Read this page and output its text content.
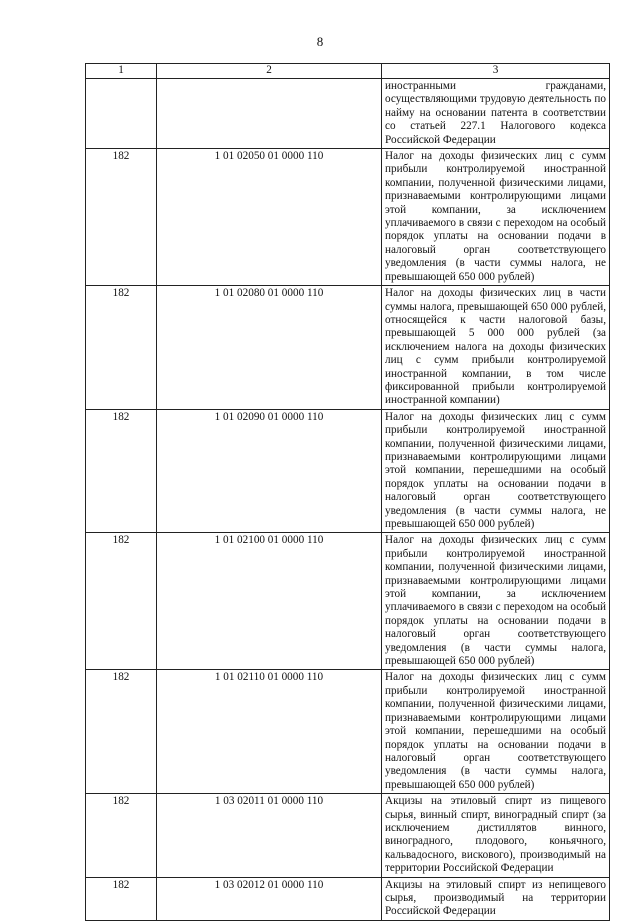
8
1	2	3
		иностранными гражданами, осуществляющими трудовую деятельность по найму на основании патента в соответствии со статьей 227.1 Налогового кодекса Российской Федерации
182	1 01 02050 01 0000 110	Налог на доходы физических лиц с сумм прибыли контролируемой иностранной компании, полученной физическими лицами, признаваемыми контролирующими лицами этой компании, за исключением уплачиваемого в связи с переходом на особый порядок уплаты на основании подачи в налоговый орган соответствующего уведомления (в части суммы налога, не превышающей 650 000 рублей)
182	1 01 02080 01 0000 110	Налог на доходы физических лиц в части суммы налога, превышающей 650 000 рублей, относящейся к части налоговой базы, превышающей 5 000 000 рублей (за исключением налога на доходы физических лиц с сумм прибыли контролируемой иностранной компании, в том числе фиксированной прибыли контролируемой иностранной компании)
182	1 01 02090 01 0000 110	Налог на доходы физических лиц с сумм прибыли контролируемой иностранной компании, полученной физическими лицами, признаваемыми контролирующими лицами этой компании, перешедшими на особый порядок уплаты на основании подачи в налоговый орган соответствующего уведомления (в части суммы налога, не превышающей 650 000 рублей)
182	1 01 02100 01 0000 110	Налог на доходы физических лиц с сумм прибыли контролируемой иностранной компании, полученной физическими лицами, признаваемыми контролирующими лицами этой компании, за исключением уплачиваемого в связи с переходом на особый порядок уплаты на основании подачи в налоговый орган соответствующего уведомления (в части суммы налога, превышающей 650 000 рублей)
182	1 01 02110 01 0000 110	Налог на доходы физических лиц с сумм прибыли контролируемой иностранной компании, полученной физическими лицами, признаваемыми контролирующими лицами этой компании, перешедшими на особый порядок уплаты на основании подачи в налоговый орган соответствующего уведомления (в части суммы налога, превышающей 650 000 рублей)
182	1 03 02011 01 0000 110	Акцизы на этиловый спирт из пищевого сырья, винный спирт, виноградный спирт (за исключением дистиллятов винного, виноградного, плодового, коньячного, кальвадосного, вискового), производимый на территории Российской Федерации
182	1 03 02012 01 0000 110	Акцизы на этиловый спирт из непищевого сырья, производимый на территории Российской Федерации
